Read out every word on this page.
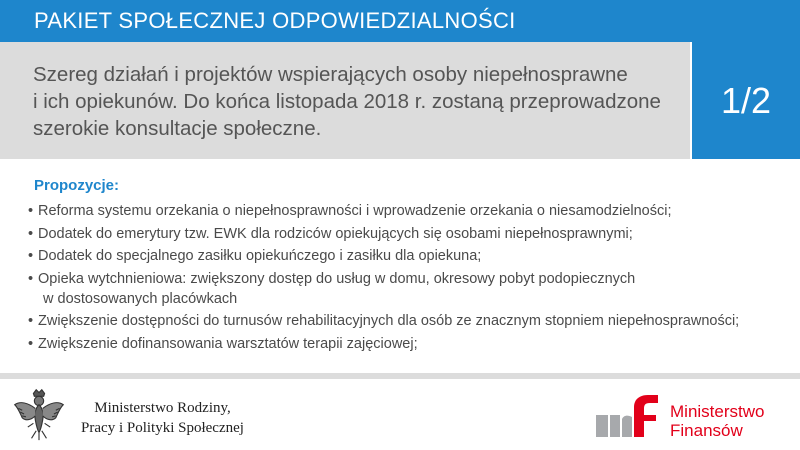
PAKIET SPOŁECZNEJ ODPOWIEDZIALNOŚCI
Szereg działań i projektów wspierających osoby niepełnosprawne
i ich opiekunów. Do końca listopada 2018 r. zostaną przeprowadzone
szerokie konsultacje społeczne.
1/2
Propozycje:
• Reforma systemu orzekania o niepełnosprawności i wprowadzenie orzekania o niesamodzielności;
• Dodatek do emerytury tzw. EWK dla rodziców opiekujących się osobami niepełnosprawnymi;
• Dodatek do specjalnego zasiłku opiekuńczego i zasiłku dla opiekuna;
• Opieka wytchnieniowa: zwiększony dostęp do usług w domu, okresowy pobyt podopiecznych
w dostosowanych placówkach
• Zwiększenie dostępności do turnusów rehabilitacyjnych dla osób ze znacznym stopniem niepełnosprawności;
• Zwiększenie dofinansowania warsztatów terapii zajęciowej;
Ministerstwo Rodziny,
Pracy i Polityki Społecznej
Ministerstwo
Finansów
